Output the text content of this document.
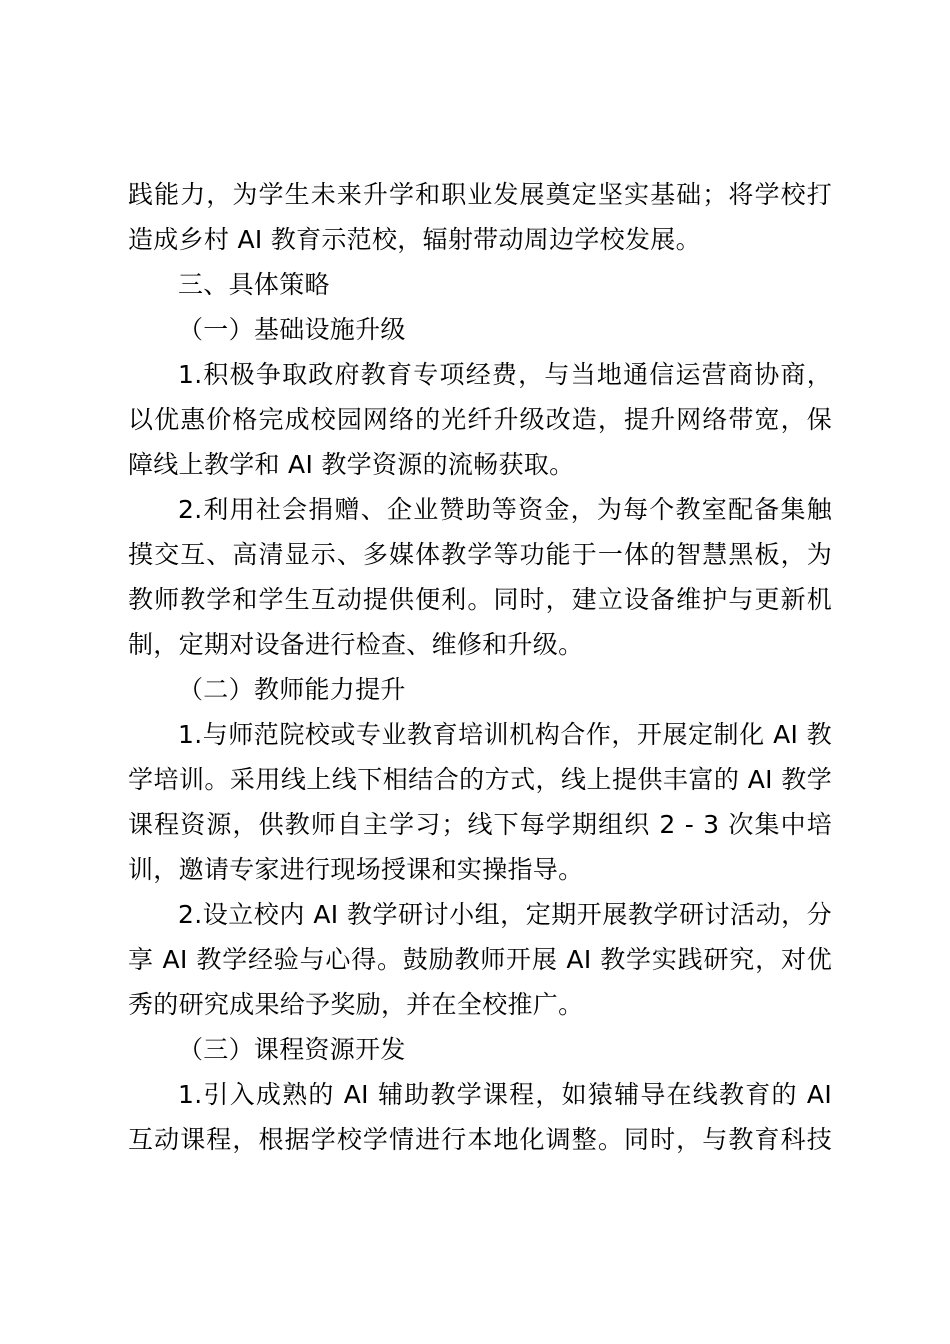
践能力，为学生未来升学和职业发展奠定坚实基础；将学校打
造成乡村 AI 教育示范校，辐射带动周边学校发展。
三、具体策略
（一）基础设施升级
1.积极争取政府教育专项经费，与当地通信运营商协商，
以优惠价格完成校园网络的光纤升级改造，提升网络带宽，保
障线上教学和 AI 教学资源的流畅获取。
2.利用社会捐赠、企业赞助等资金，为每个教室配备集触
摸交互、高清显示、多媒体教学等功能于一体的智慧黑板，为
教师教学和学生互动提供便利。同时，建立设备维护与更新机
制，定期对设备进行检查、维修和升级。
（二）教师能力提升
1.与师范院校或专业教育培训机构合作，开展定制化 AI 教
学培训。采用线上线下相结合的方式，线上提供丰富的 AI 教学
课程资源，供教师自主学习；线下每学期组织 2 - 3 次集中培
训，邀请专家进行现场授课和实操指导。
2.设立校内 AI 教学研讨小组，定期开展教学研讨活动，分
享 AI 教学经验与心得。鼓励教师开展 AI 教学实践研究，对优
秀的研究成果给予奖励，并在全校推广。
（三）课程资源开发
1.引入成熟的 AI 辅助教学课程，如猿辅导在线教育的 AI
互动课程，根据学校学情进行本地化调整。同时，与教育科技
